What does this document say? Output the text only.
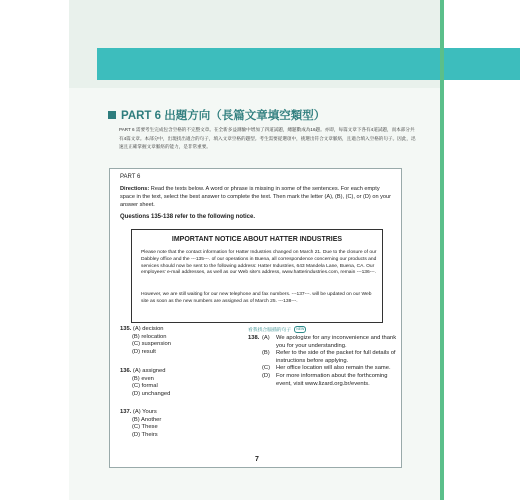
PART 6 出題方向（長篇文章填空類型）
PART 6 需要考生完成包含空格的不完整文章。在全新多益測驗中增加了四道試題，總題數成為16題。亦即，每篇文章下各有4道試題，而本部分共有4篇文章。本部分中，出現找出適合的句子，填入文章空格的題型。考生需要從選項中，挑選出符合文章脈絡，且適合填入空格的句子。因此，迅速且正確掌握文章脈絡的能力，是非常重要。
PART 6
Directions: Read the texts below. A word or phrase is missing in some of the sentences. For each empty space in the text, select the best answer to complete the text. Then mark the letter (A), (B), (C), or (D) on your answer sheet.
Questions 135-138 refer to the following notice.
IMPORTANT NOTICE ABOUT HATTER INDUSTRIES
Please note that the contact information for Hatter Industries changed on March 21. Due to the closure of our Dabbley office and the ---135---. of our operations in Buena, all correspondence concerning our products and services should now be sent to the following address: Hatter Industries, 643 Mandela Lane, Buena, CA. Our employees' e-mail addresses, as well as our Web site's address, www.hatterindustries.com, remain ---136---.
However, we are still waiting for our new telephone and fax numbers. ---137---. will be updated on our Web site as soon as the new numbers are assigned as of March 25. ---138---.
135. (A) decision
(B) relocation
(C) suspension
(D) result
136. (A) assigned
(B) even
(C) formal
(D) unchanged
137. (A) Yours
(B) Another
(C) These
(D) Theirs
看我找合腦插的句子 NEW
138. (A)	We apologize for any inconvenience and thank you for your understanding.
(B)	Refer to the side of the packet for full details of instructions before applying.
(C)	Her office location will also remain the same.
(D)	For more information about the forthcoming event, visit www.lizard.org.br/events.
7
